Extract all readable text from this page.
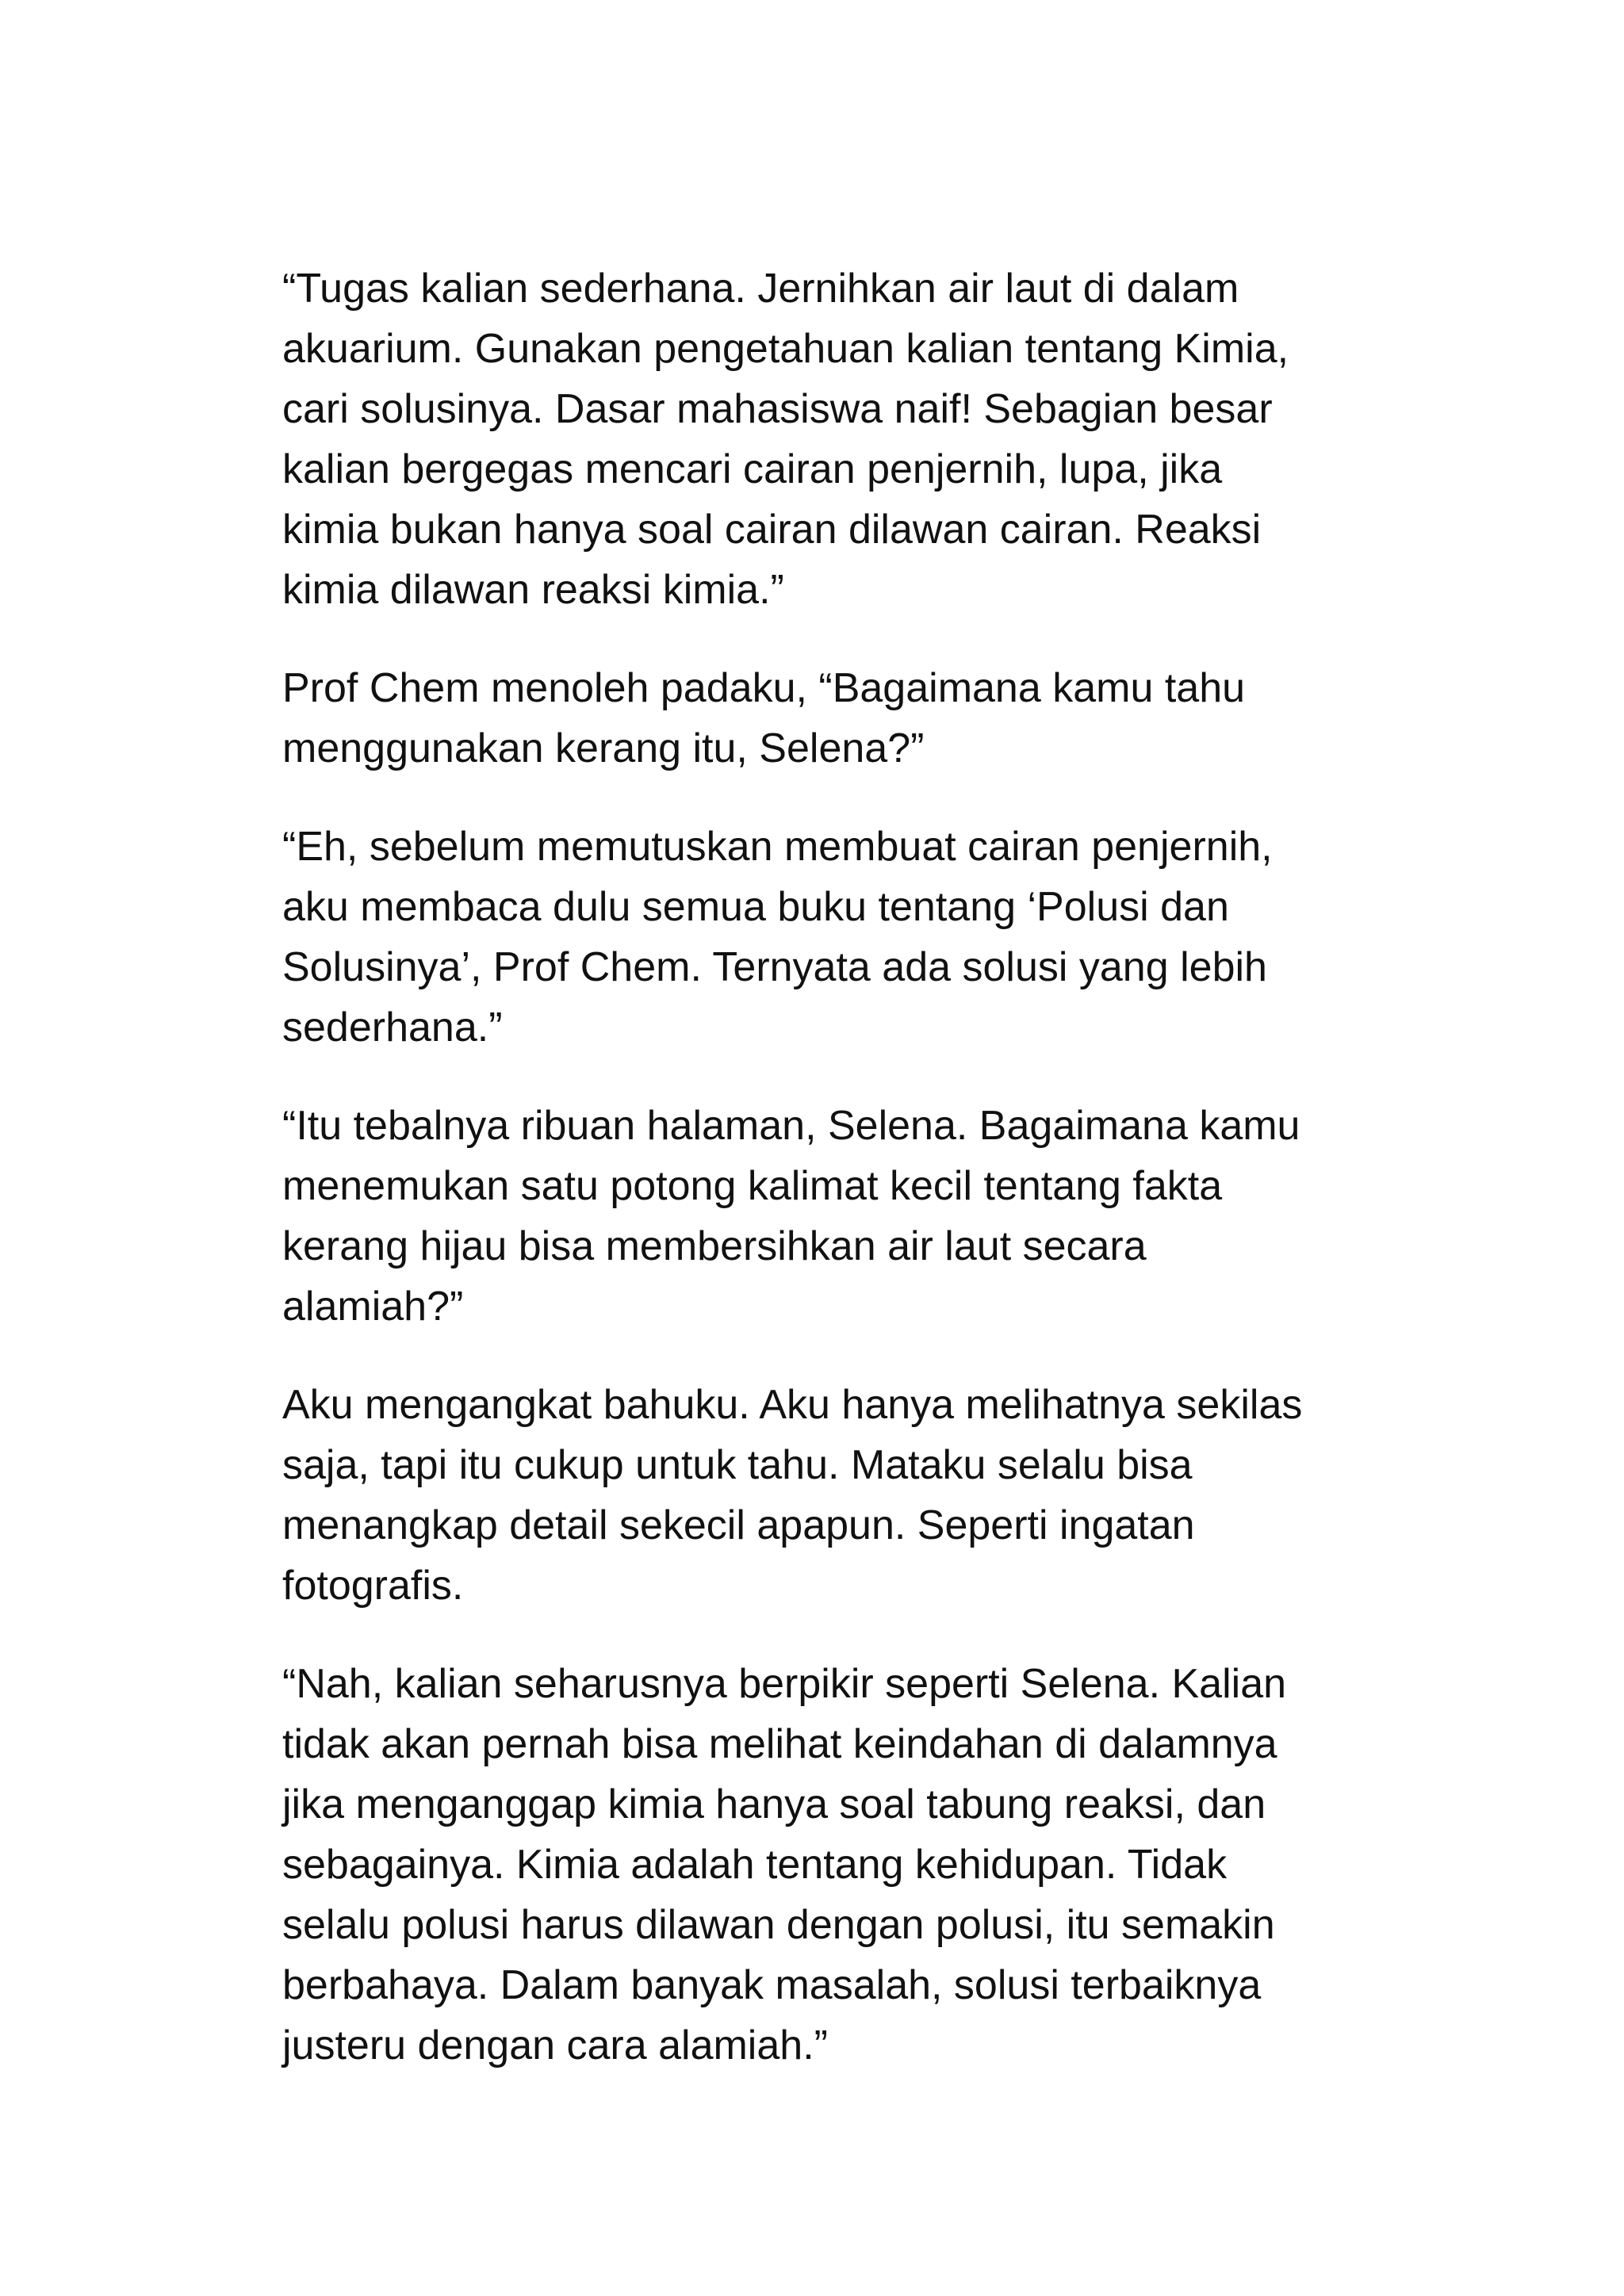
“Tugas kalian sederhana. Jernihkan air laut di dalam
akuarium. Gunakan pengetahuan kalian tentang Kimia,
cari solusinya. Dasar mahasiswa naif! Sebagian besar
kalian bergegas mencari cairan penjernih, lupa, jika
kimia bukan hanya soal cairan dilawan cairan. Reaksi
kimia dilawan reaksi kimia.”

Prof Chem menoleh padaku, “Bagaimana kamu tahu
menggunakan kerang itu, Selena?”

“Eh, sebelum memutuskan membuat cairan penjernih,
aku membaca dulu semua buku tentang ‘Polusi dan
Solusinya’, Prof Chem. Ternyata ada solusi yang lebih
sederhana.”

“Itu tebalnya ribuan halaman, Selena. Bagaimana kamu
menemukan satu potong kalimat kecil tentang fakta
kerang hijau bisa membersihkan air laut secara
alamiah?”

Aku mengangkat bahuku. Aku hanya melihatnya sekilas
saja, tapi itu cukup untuk tahu. Mataku selalu bisa
menangkap detail sekecil apapun. Seperti ingatan
fotografis.

“Nah, kalian seharusnya berpikir seperti Selena. Kalian
tidak akan pernah bisa melihat keindahan di dalamnya
jika menganggap kimia hanya soal tabung reaksi, dan
sebagainya. Kimia adalah tentang kehidupan. Tidak
selalu polusi harus dilawan dengan polusi, itu semakin
berbahaya. Dalam banyak masalah, solusi terbaiknya
justeru dengan cara alamiah.”
